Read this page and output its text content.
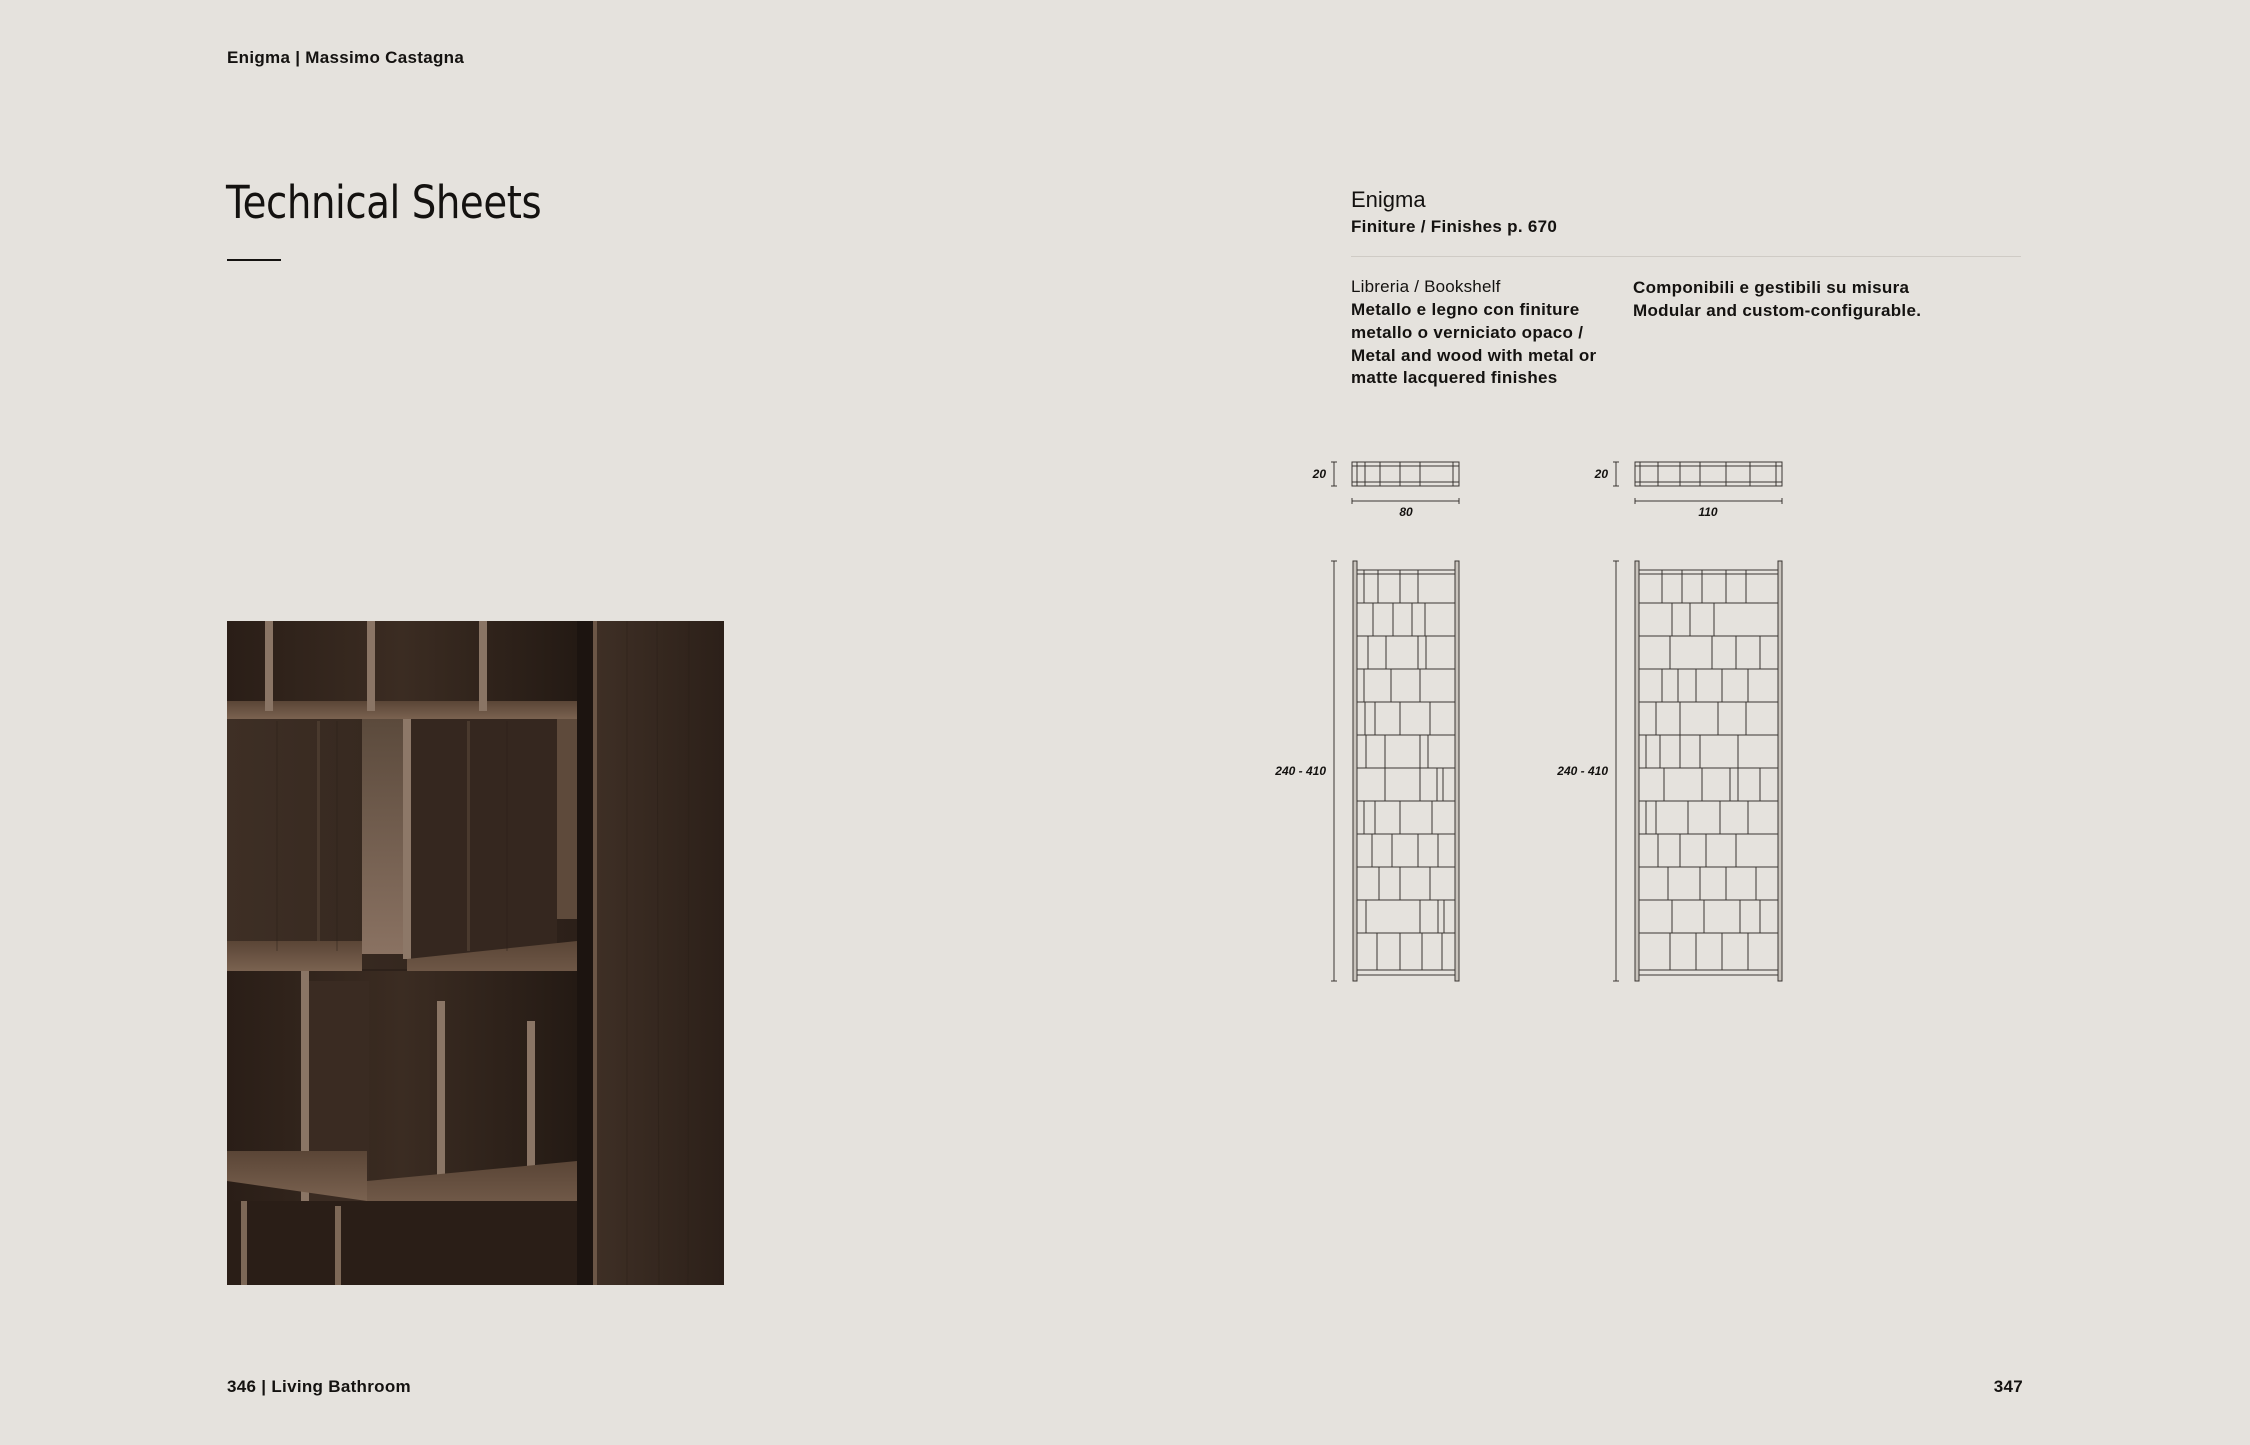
Enigma | Massimo Castagna
Technical Sheets	Enigma
Finiture / Finishes p. 670
Libreria / Bookshelf
Metallo e legno con finiture metallo o verniciato opaco / Metal and wood with metal or matte lacquered finishes
Componibili e gestibili su misura
Modular and custom-configurable.
20
80
240 - 410
20
110
240 - 410
346 | Living Bathroom	347
